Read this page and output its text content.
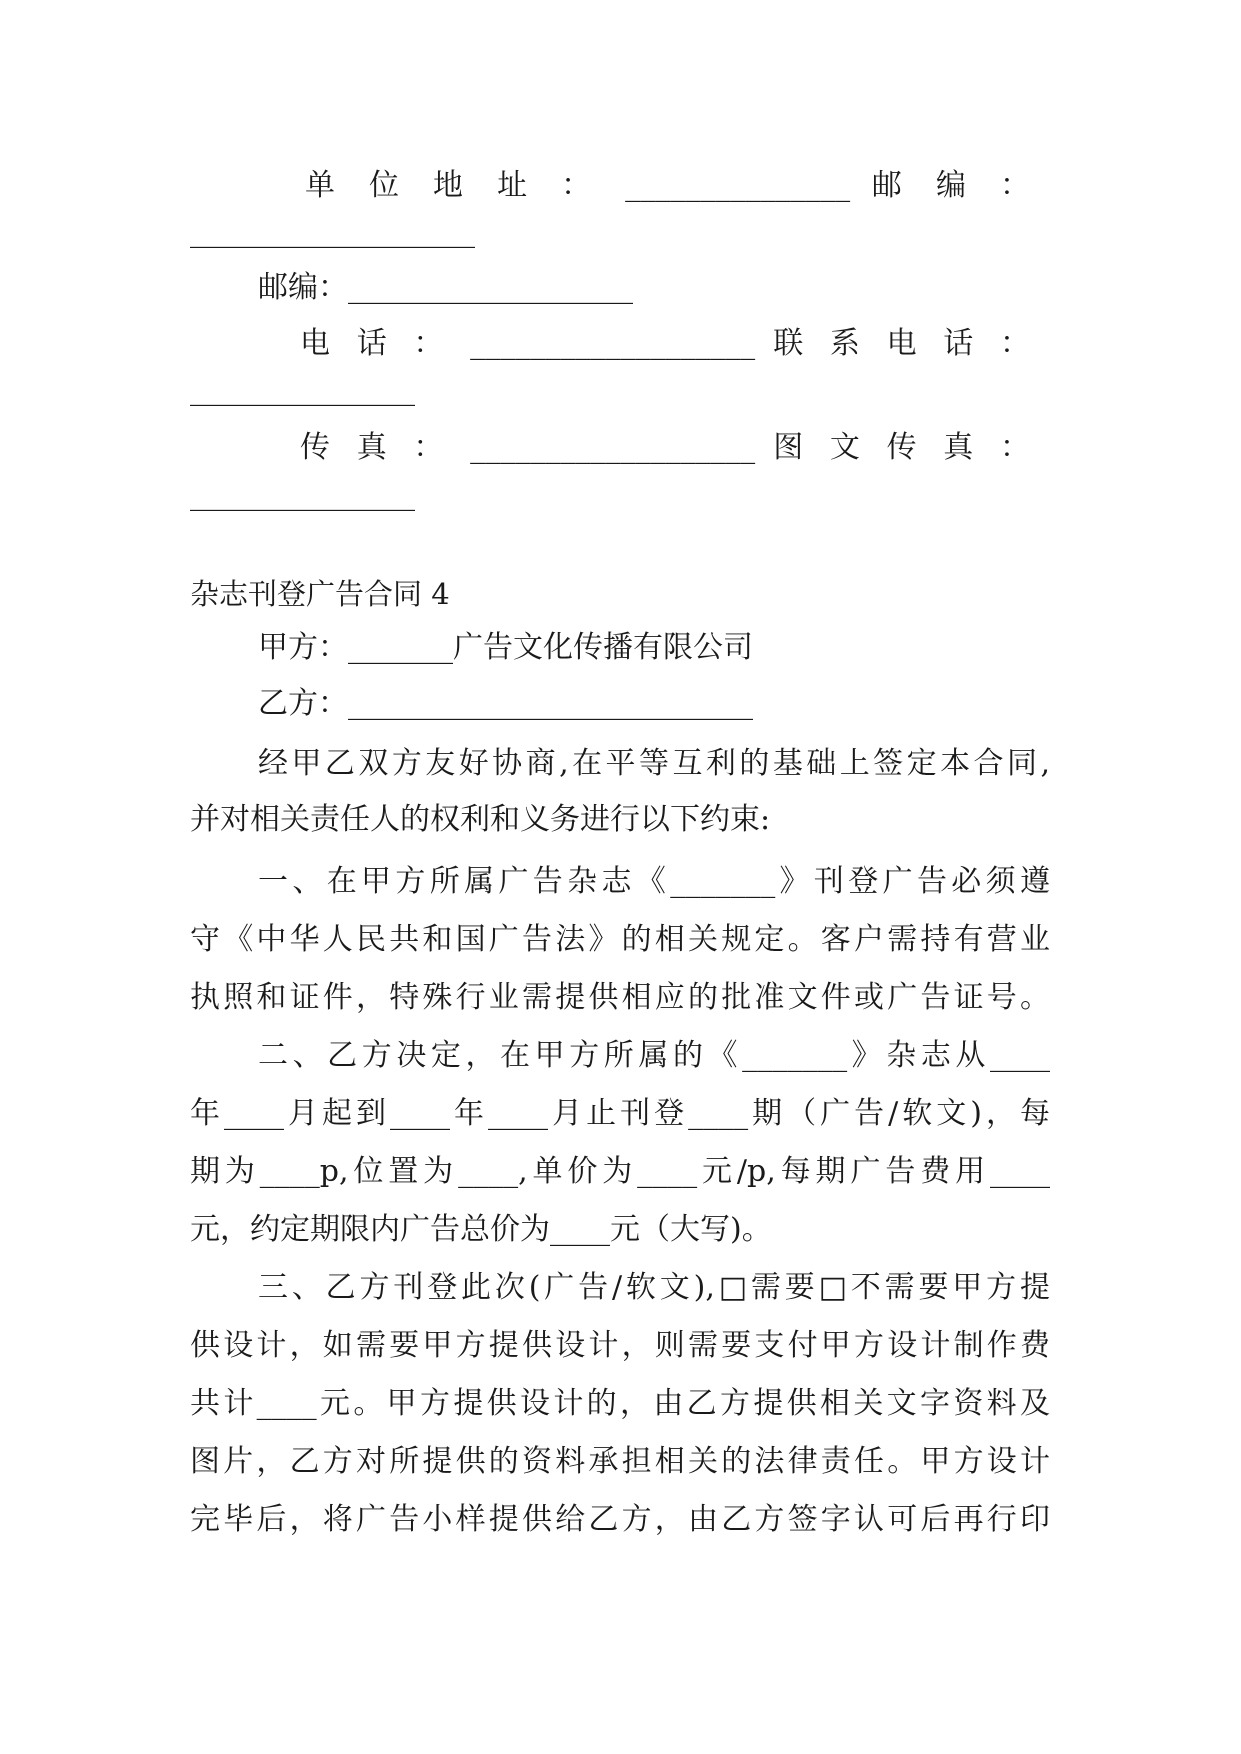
单 位 地 址 ： _______________ 邮 编 ：
___________________
邮编：___________________
电 话 ： ___________________ 联 系 电 话 ：
_______________
传 真 ： ___________________ 图 文 传 真 ：
_______________
杂志刊登广告合同 4
甲方：_______广告文化传播有限公司
乙方：___________________________
经甲乙双方友好协商,在平等互利的基础上签定本合同,
并对相关责任人的权利和义务进行以下约束:
一、在甲方所属广告杂志《_______》刊登广告必须遵
守《中华人民共和国广告法》的相关规定。客户需持有营业
执照和证件，特殊行业需提供相应的批准文件或广告证号。
二、乙方决定，在甲方所属的《_______》杂志从____
年____月起到____年____月止刊登____期（广告/软文)，每
期为____p,位置为____,单价为____元/p,每期广告费用____
元，约定期限内广告总价为____元（大写)。
三、乙方刊登此次(广告/软文),□需要□不需要甲方提
供设计，如需要甲方提供设计，则需要支付甲方设计制作费
共计____元。甲方提供设计的，由乙方提供相关文字资料及
图片，乙方对所提供的资料承担相关的法律责任。甲方设计
完毕后，将广告小样提供给乙方，由乙方签字认可后再行印
